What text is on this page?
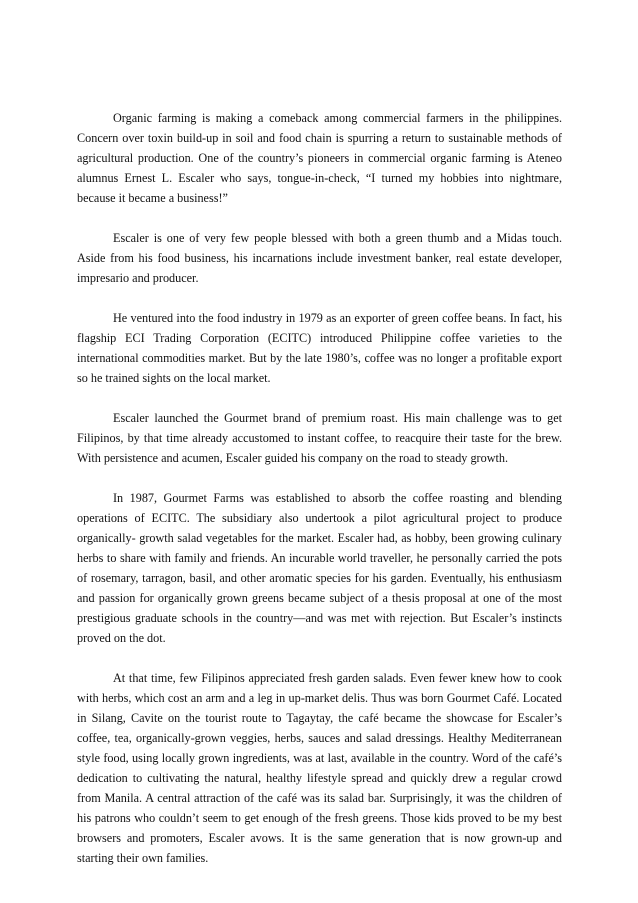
Organic farming is making a comeback among commercial farmers in the philippines. Concern over toxin build-up in soil and food chain is spurring a return to sustainable methods of agricultural production. One of the country’s pioneers in commercial organic farming is Ateneo alumnus Ernest L. Escaler who says, tongue-in-check, “I turned my hobbies into nightmare, because it became a business!”

Escaler is one of very few people blessed with both a green thumb and a Midas touch. Aside from his food business, his incarnations include investment banker, real estate developer, impresario and producer.

He ventured into the food industry in 1979 as an exporter of green coffee beans. In fact, his flagship ECI Trading Corporation (ECITC) introduced Philippine coffee varieties to the international commodities market. But by the late 1980’s, coffee was no longer a profitable export so he trained sights on the local market.

Escaler launched the Gourmet brand of premium roast. His main challenge was to get Filipinos, by that time already accustomed to instant coffee, to reacquire their taste for the brew. With persistence and acumen, Escaler guided his company on the road to steady growth.

In 1987, Gourmet Farms was established to absorb the coffee roasting and blending operations of ECITC. The subsidiary also undertook a pilot agricultural project to produce organically- growth salad vegetables for the market. Escaler had, as hobby, been growing culinary herbs to share with family and friends. An incurable world traveller, he personally carried the pots of rosemary, tarragon, basil, and other aromatic species for his garden. Eventually, his enthusiasm and passion for organically grown greens became subject of a thesis proposal at one of the most prestigious graduate schools in the country—and was met with rejection. But Escaler’s instincts proved on the dot.

At that time, few Filipinos appreciated fresh garden salads. Even fewer knew how to cook with herbs, which cost an arm and a leg in up-market delis. Thus was born Gourmet Café. Located in Silang, Cavite on the tourist route to Tagaytay, the café became the showcase for Escaler’s coffee, tea, organically-grown veggies, herbs, sauces and salad dressings. Healthy Mediterranean style food, using locally grown ingredients, was at last, available in the country. Word of the café’s dedication to cultivating the natural, healthy lifestyle spread and quickly drew a regular crowd from Manila. A central attraction of the café was its salad bar. Surprisingly, it was the children of his patrons who couldn’t seem to get enough of the fresh greens. Those kids proved to be my best browsers and promoters, Escaler avows. It is the same generation that is now grown-up and starting their own families.
